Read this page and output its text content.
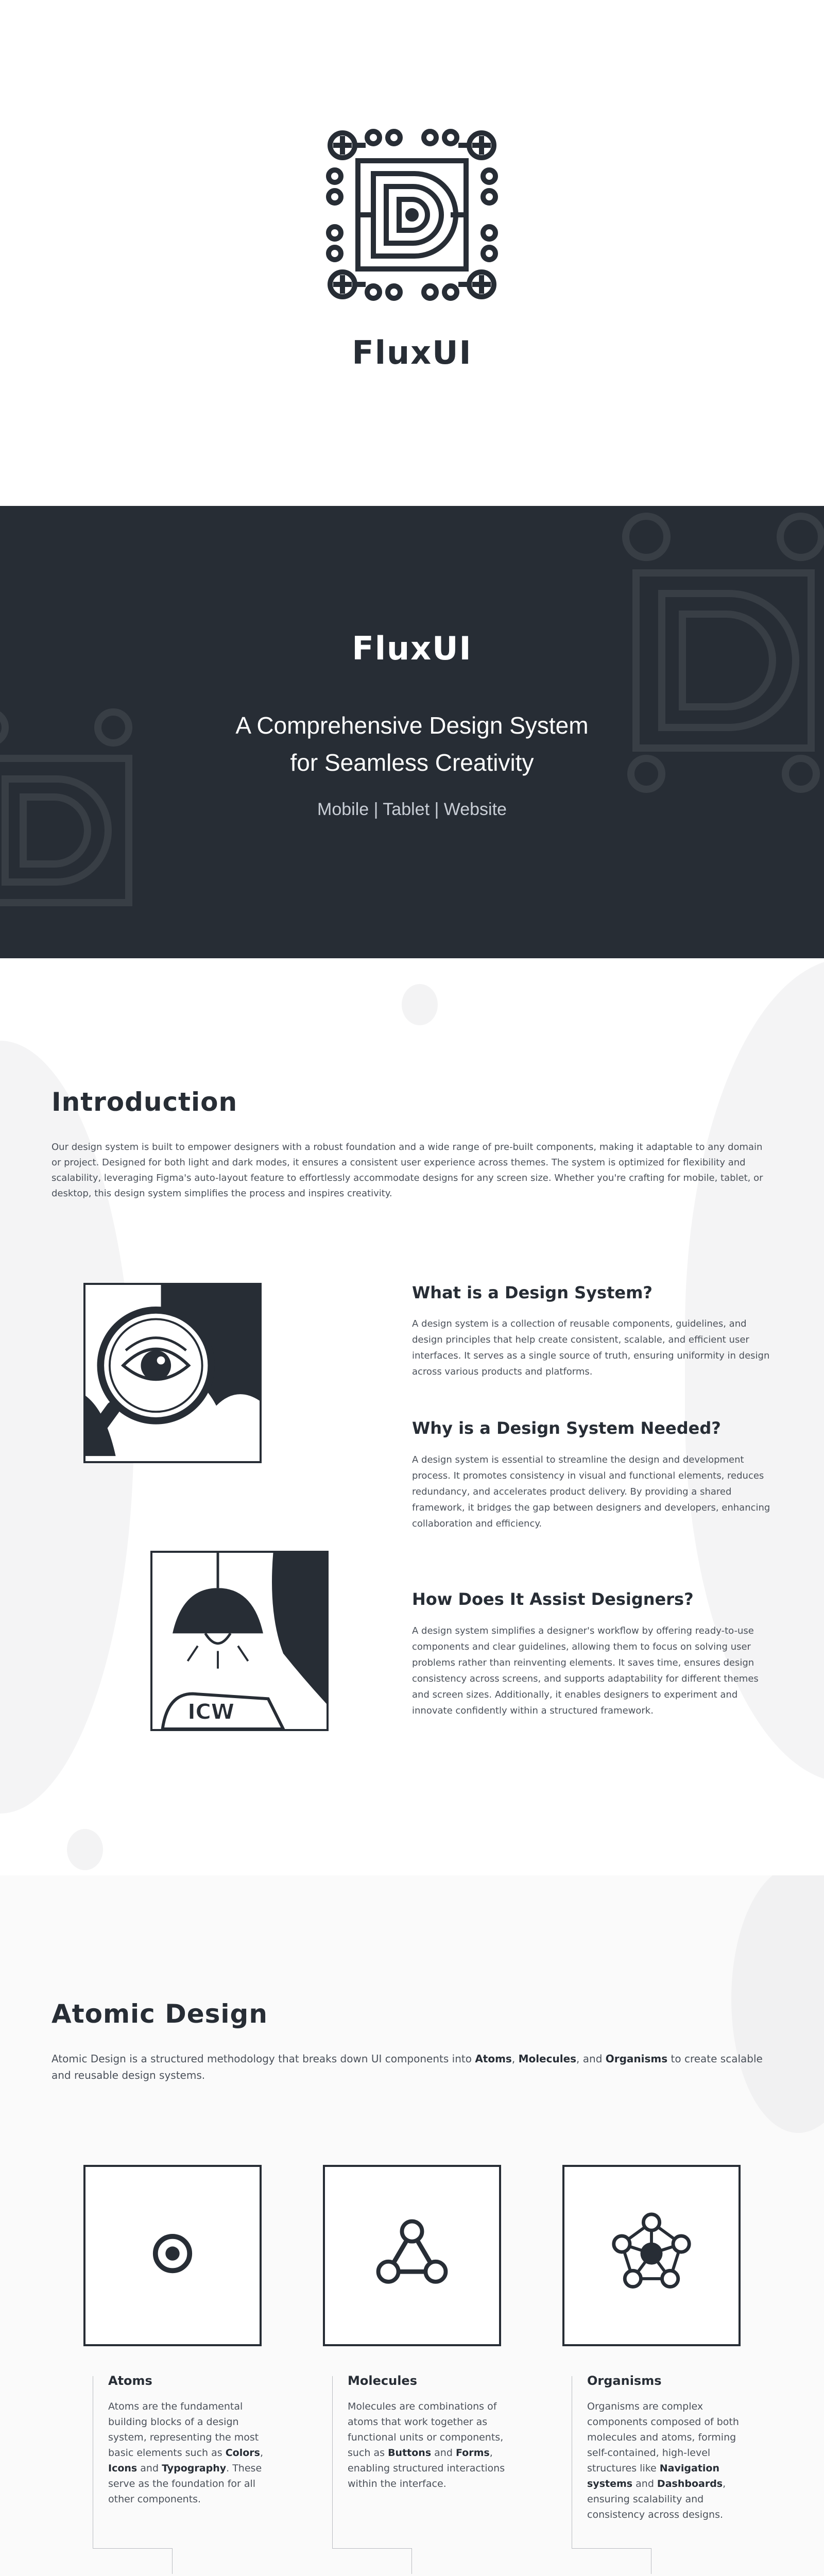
FluxUI
FluxUI
A Comprehensive Design System
for Seamless Creativity
Mobile | Tablet | Website
Introduction
Our design system is built to empower designers with a robust foundation and a wide range of pre-built components, making it adaptable to any domain or project. Designed for both light and dark modes, it ensures a consistent user experience across themes. The system is optimized for flexibility and scalability, leveraging Figma's auto-layout feature to effortlessly accommodate designs for any screen size. Whether you're crafting for mobile, tablet, or desktop, this design system simplifies the process and inspires creativity.
ICW
What is a Design System?
A design system is a collection of reusable components, guidelines, and design principles that help create consistent, scalable, and efficient user interfaces. It serves as a single source of truth, ensuring uniformity in design across various products and platforms.
Why is a Design System Needed?
A design system is essential to streamline the design and development process. It promotes consistency in visual and functional elements, reduces redundancy, and accelerates product delivery. By providing a shared framework, it bridges the gap between designers and developers, enhancing collaboration and efficiency.
How Does It Assist Designers?
A design system simplifies a designer's workflow by offering ready-to-use components and clear guidelines, allowing them to focus on solving user problems rather than reinventing elements. It saves time, ensures design consistency across screens, and supports adaptability for different themes and screen sizes. Additionally, it enables designers to experiment and innovate confidently within a structured framework.
Atomic Design
Atomic Design is a structured methodology that breaks down UI components into Atoms, Molecules, and Organisms to create scalable and reusable design systems.
Atoms
Atoms are the fundamental building blocks of a design system, representing the most basic elements such as Colors, Icons and Typography. These serve as the foundation for all other components.
Molecules
Molecules are combinations of atoms that work together as functional units or components, such as Buttons and Forms, enabling structured interactions within the interface.
Organisms
Organisms are complex components composed of both molecules and atoms, forming self-contained, high-level structures like Navigation systems and Dashboards, ensuring scalability and consistency across designs.
